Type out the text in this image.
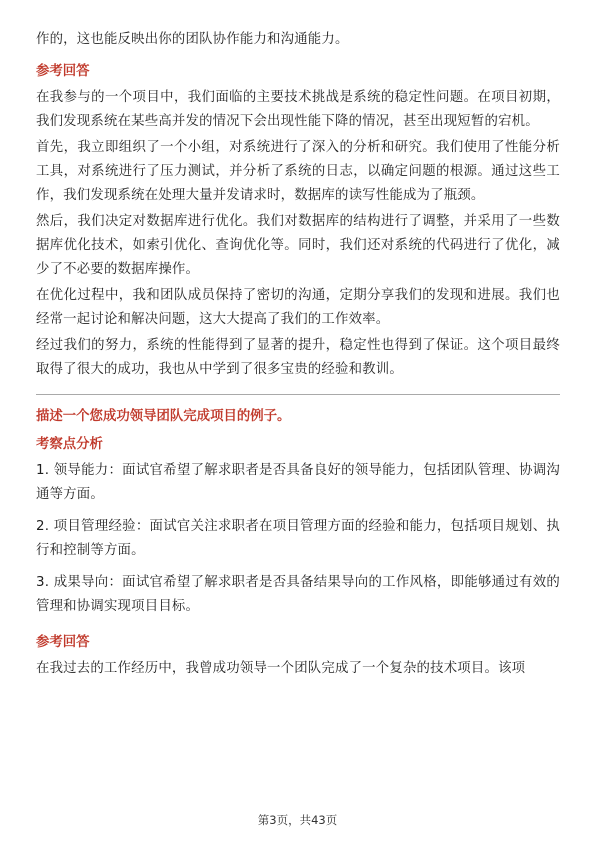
作的，这也能反映出你的团队协作能力和沟通能力。

参考回答

在我参与的一个项目中，我们面临的主要技术挑战是系统的稳定性问题。在项目初期，我们发现系统在某些高并发的情况下会出现性能下降的情况，甚至出现短暂的宕机。

首先，我立即组织了一个小组，对系统进行了深入的分析和研究。我们使用了性能分析工具，对系统进行了压力测试，并分析了系统的日志，以确定问题的根源。通过这些工作，我们发现系统在处理大量并发请求时，数据库的读写性能成为了瓶颈。

然后，我们决定对数据库进行优化。我们对数据库的结构进行了调整，并采用了一些数据库优化技术，如索引优化、查询优化等。同时，我们还对系统的代码进行了优化，减少了不必要的数据库操作。

在优化过程中，我和团队成员保持了密切的沟通，定期分享我们的发现和进展。我们也经常一起讨论和解决问题，这大大提高了我们的工作效率。

经过我们的努力，系统的性能得到了显著的提升，稳定性也得到了保证。这个项目最终取得了很大的成功，我也从中学到了很多宝贵的经验和教训。

描述一个您成功领导团队完成项目的例子。
考察点分析

1. 领导能力：面试官希望了解求职者是否具备良好的领导能力，包括团队管理、协调沟通等方面。

2. 项目管理经验：面试官关注求职者在项目管理方面的经验和能力，包括项目规划、执行和控制等方面。

3. 成果导向：面试官希望了解求职者是否具备结果导向的工作风格，即能够通过有效的管理和协调实现项目目标。

参考回答

在我过去的工作经历中，我曾成功领导一个团队完成了一个复杂的技术项目。该项

第3页，共43页
